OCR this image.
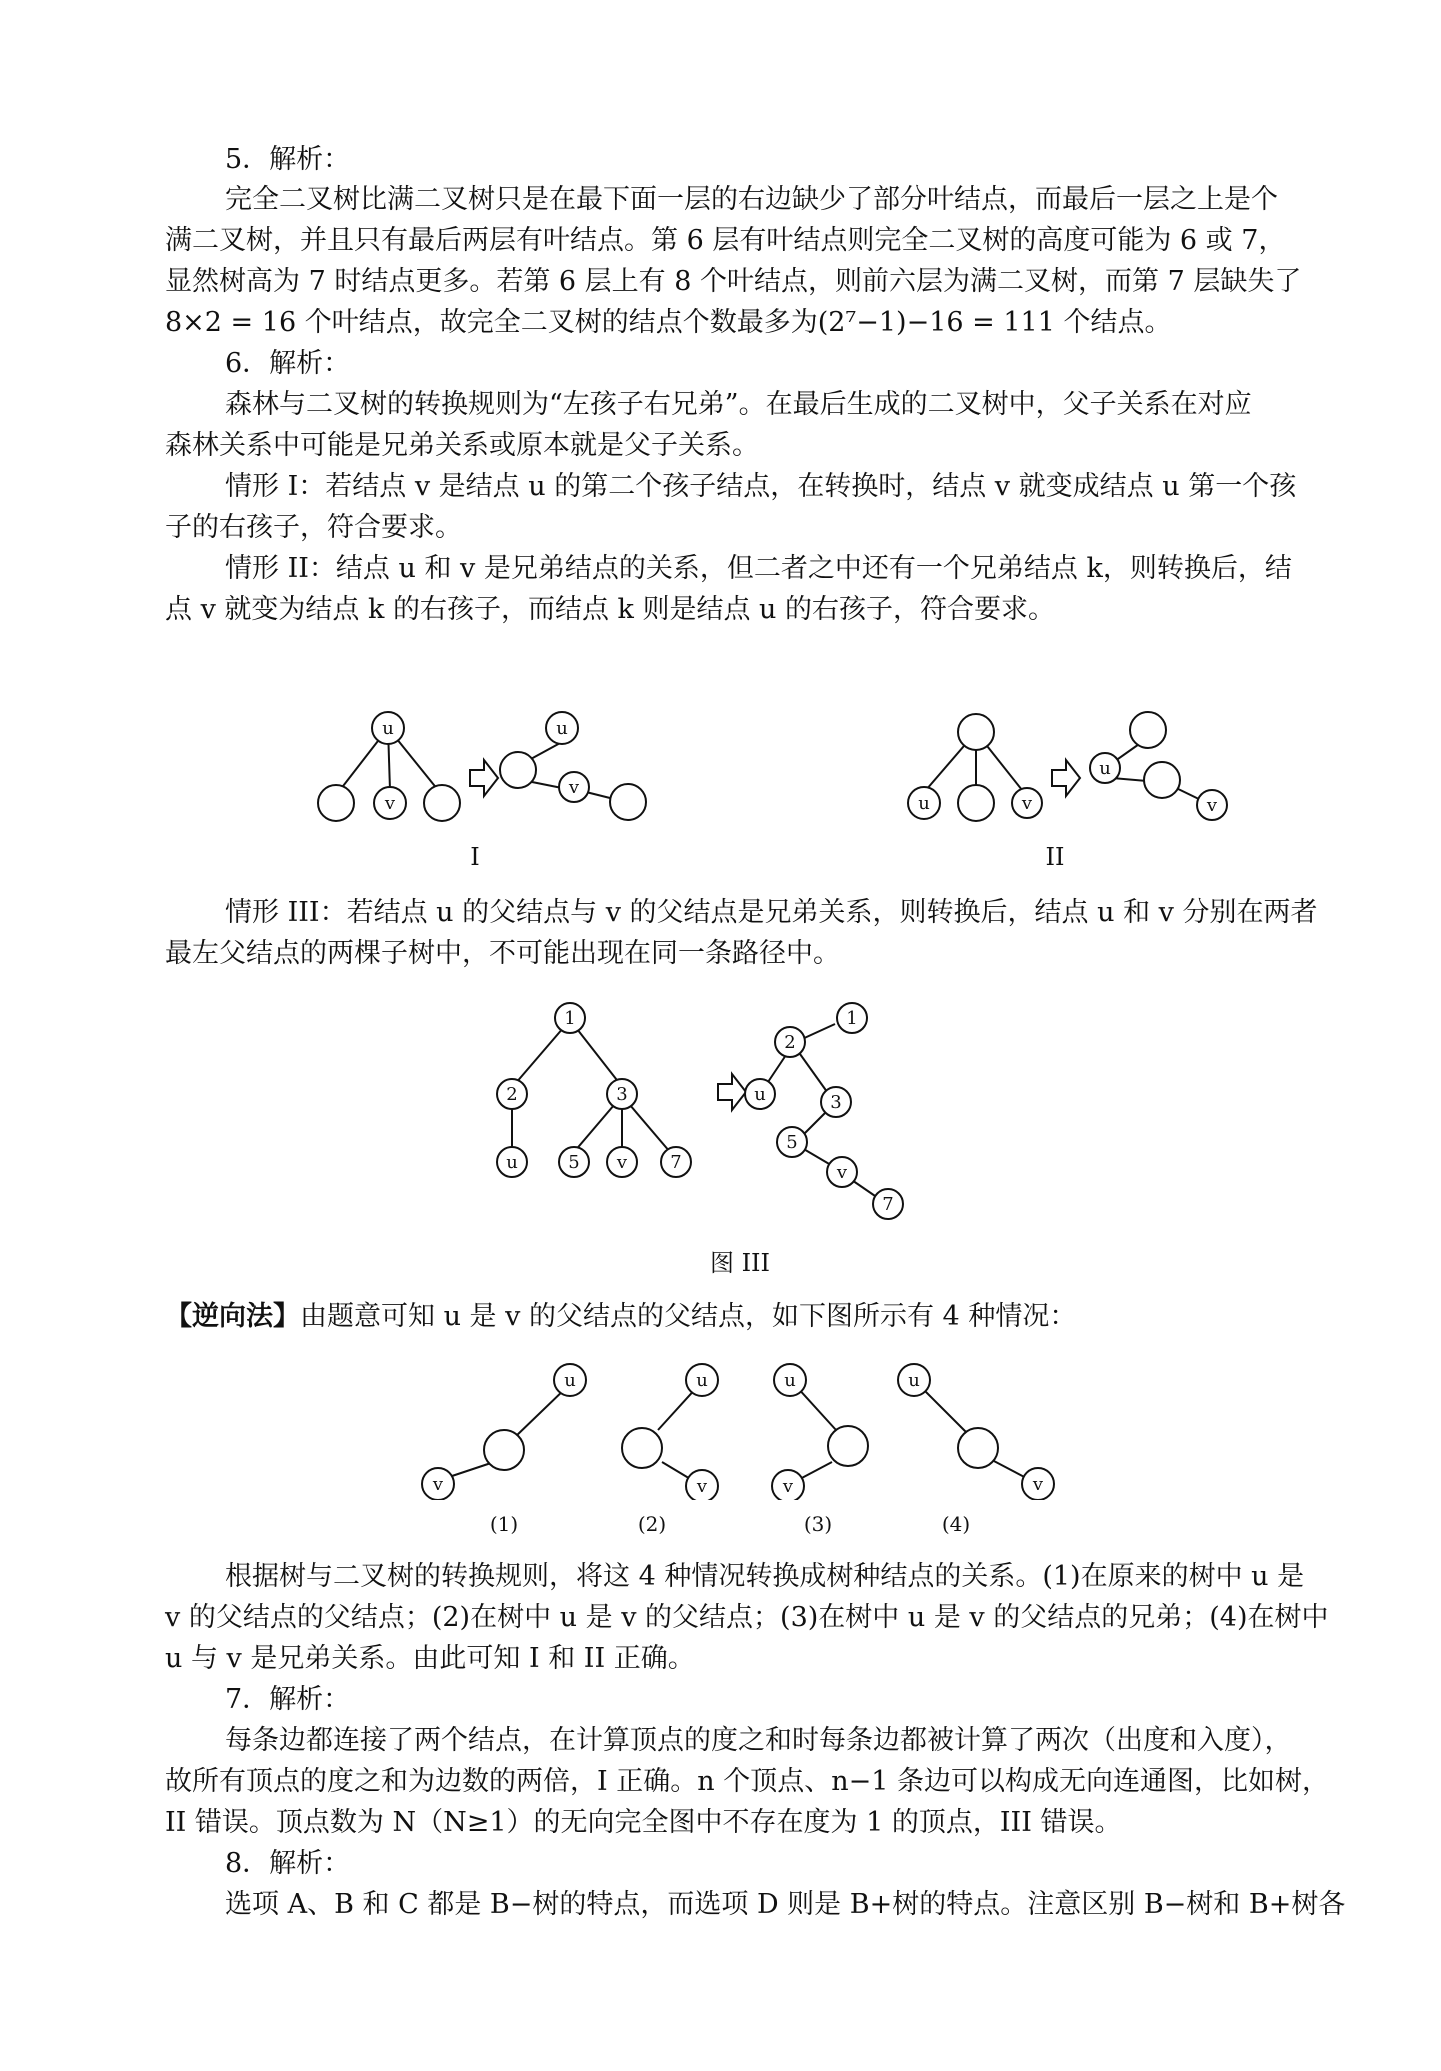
5．解析：
完全二叉树比满二叉树只是在最下面一层的右边缺少了部分叶结点，而最后一层之上是个
满二叉树，并且只有最后两层有叶结点。第 6 层有叶结点则完全二叉树的高度可能为 6 或 7，
显然树高为 7 时结点更多。若第 6 层上有 8 个叶结点，则前六层为满二叉树，而第 7 层缺失了
8×2 = 16 个叶结点，故完全二叉树的结点个数最多为(2⁷−1)−16 = 111 个结点。
6．解析：
森林与二叉树的转换规则为“左孩子右兄弟”。在最后生成的二叉树中，父子关系在对应
森林关系中可能是兄弟关系或原本就是父子关系。
情形 I：若结点 v 是结点 u 的第二个孩子结点，在转换时，结点 v 就变成结点 u 第一个孩
子的右孩子，符合要求。
情形 II：结点 u 和 v 是兄弟结点的关系，但二者之中还有一个兄弟结点 k，则转换后，结
点 v 就变为结点 k 的右孩子，而结点 k 则是结点 u 的右孩子，符合要求。
u
v
u
v
u	v
u
v
I	II
情形 III：若结点 u 的父结点与 v 的父结点是兄弟关系，则转换后，结点 u 和 v 分别在两者
最左父结点的两棵子树中，不可能出现在同一条路径中。
1
2	3
u	5 v 7
1
2
u	3
5
v
7
图 III
【逆向法】由题意可知 u 是 v 的父结点的父结点，如下图所示有 4 种情况：
u
v
u
v
u
v
u
v
(1)	(2)	(3)	(4)
根据树与二叉树的转换规则，将这 4 种情况转换成树种结点的关系。(1)在原来的树中 u 是
v 的父结点的父结点；(2)在树中 u 是 v 的父结点；(3)在树中 u 是 v 的父结点的兄弟；(4)在树中
u 与 v 是兄弟关系。由此可知 I 和 II 正确。
7．解析：
每条边都连接了两个结点，在计算顶点的度之和时每条边都被计算了两次（出度和入度），
故所有顶点的度之和为边数的两倍，I 正确。n 个顶点、n−1 条边可以构成无向连通图，比如树，
II 错误。顶点数为 N（N≥1）的无向完全图中不存在度为 1 的顶点，III 错误。
8．解析：
选项 A、B 和 C 都是 B−树的特点，而选项 D 则是 B+树的特点。注意区别 B−树和 B+树各
